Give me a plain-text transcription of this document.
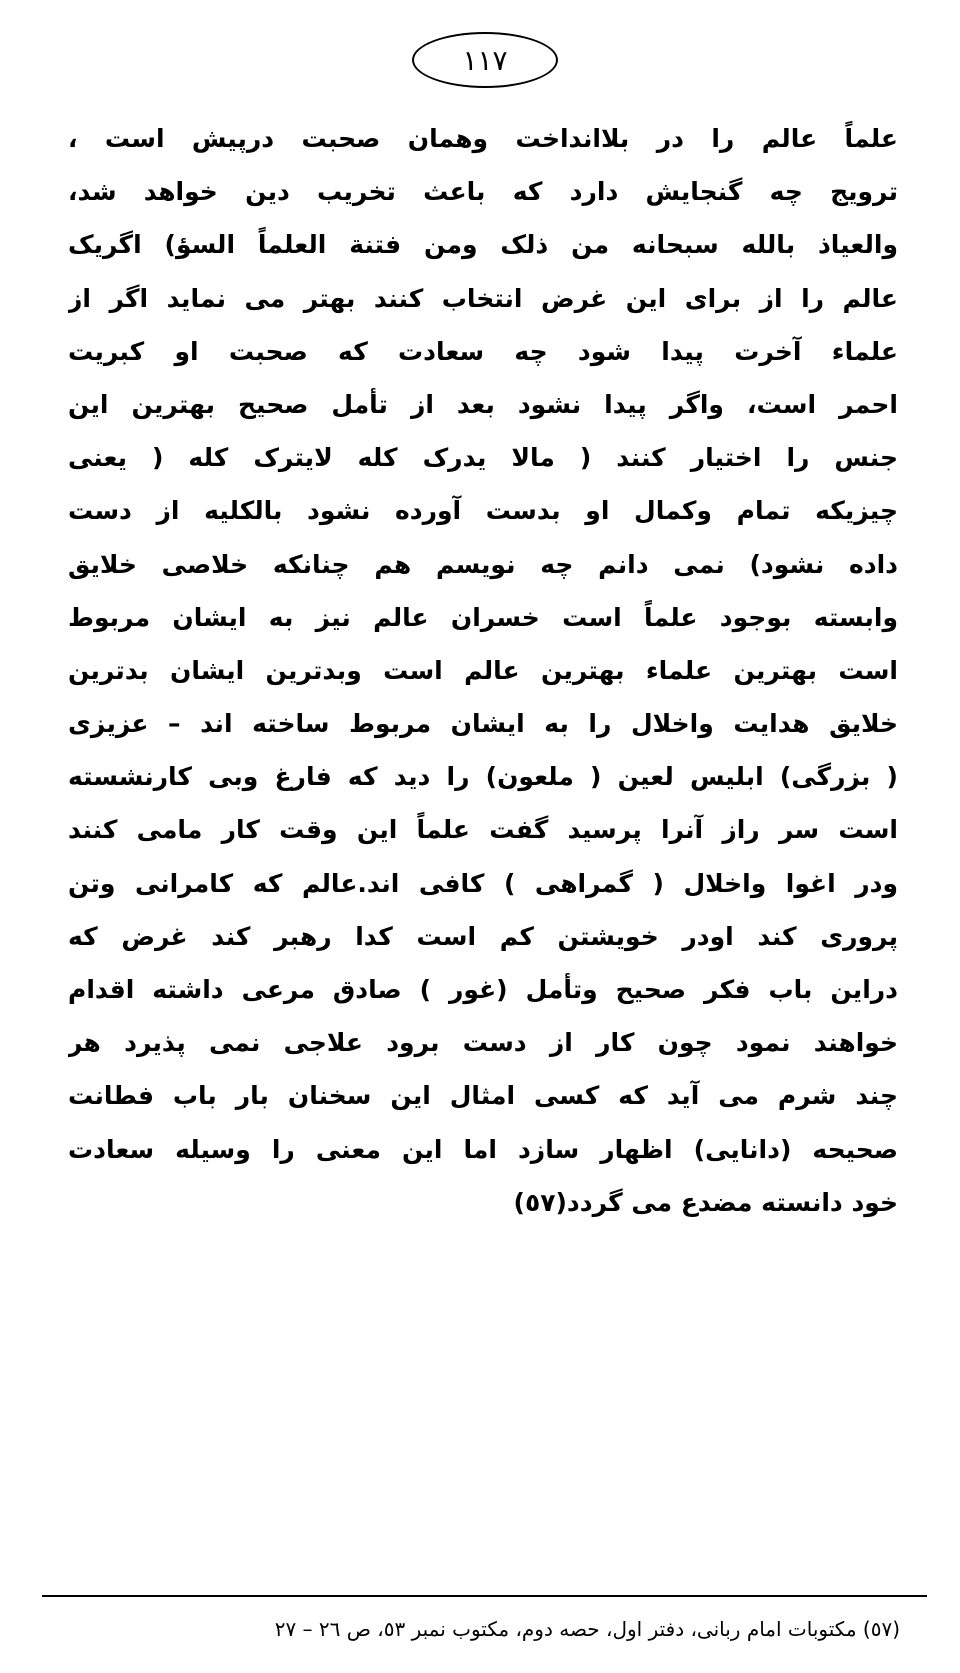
١١٧
علماً عالم را در بلاانداخت وهمان صحبت درپیش است ،
ترویج چه گنجایش دارد که باعث تخریب دین خواهد شد،
والعیاذ بالله سبحانه من ذلک ومن فتنة العلماً السؤ) اگریک
عالم را از برای این غرض انتخاب کنند بهتر می نماید اگر از
علماء آخرت پیدا شود چه سعادت که صحبت او کبریت
احمر است، واگر پیدا نشود بعد از تأمل صحیح بهترین این
جنس را اختیار کنند ( مالا یدرک کله لایترک کله ( یعنی
چیزیکه تمام وکمال او بدست آورده نشود بالکلیه از دست
داده نشود) نمی دانم چه نویسم هم چنانکه خلاصی خلایق
وابسته بوجود علماً است خسران عالم نیز به ایشان مربوط
است بهترین علماء بهترین عالم است وبدترین ایشان بدترین
خلایق هدایت واخلال را به ایشان مربوط ساخته اند – عزیزی
( بزرگی) ابلیس لعین ( ملعون) را دید که فارغ وبی کارنشسته
است سر راز آنرا پرسید گفت علماً این وقت کار مامی کنند
ودر اغوا واخلال ( گمراهی ) کافی اند.عالم که کامرانی وتن
پروری کند اودر خویشتن کم است کدا رهبر کند غرض که
دراین باب فکر صحیح وتأمل (غور ) صادق مرعی داشته اقدام
خواهند نمود چون کار از دست برود علاجی نمی پذیرد هر
چند شرم می آید که کسی امثال این سخنان بار باب فطانت
صحیحه (دانایی) اظهار سازد اما این معنی را وسیله سعادت
خود دانسته مضدع می گردد(٥٧)
(٥٧) مکتوبات امام ربانی، دفتر اول، حصه دوم، مکتوب نمبر ٥٣، ص ٢٦ – ٢٧
